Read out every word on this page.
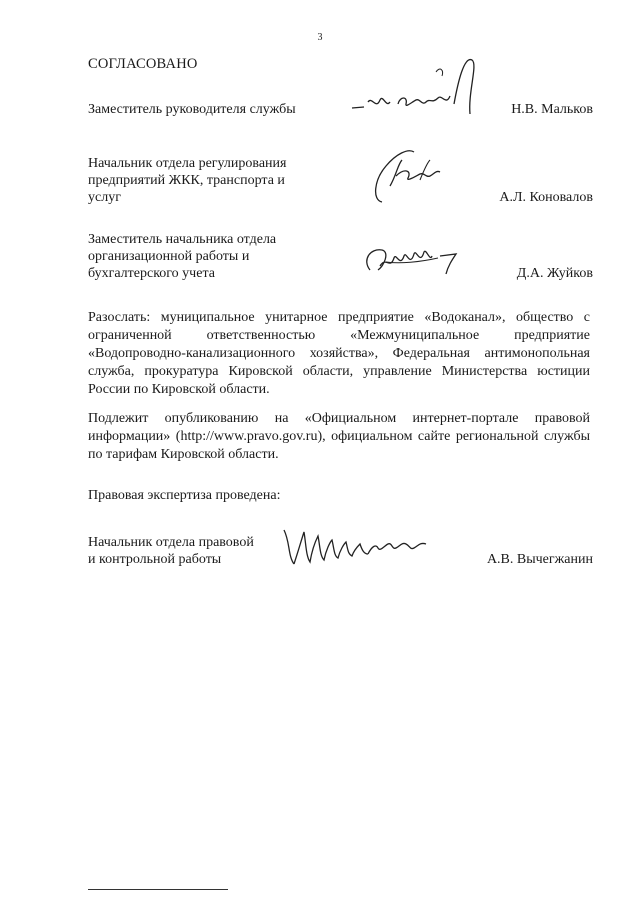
3
СОГЛАСОВАНО
Заместитель руководителя службы	Н.В. Мальков
Начальник отдела регулирования
предприятий ЖКК, транспорта и
услуг	А.Л. Коновалов
Заместитель начальника отдела
организационной работы и
бухгалтерского учета	Д.А. Жуйков
Разослать: муниципальное унитарное предприятие «Водоканал», общество с ограниченной ответственностью «Межмуниципальное предприятие «Водопроводно-канализационного хозяйства», Федеральная антимонопольная служба, прокуратура Кировской области, управление Министерства юстиции России по Кировской области.
Подлежит опубликованию на «Официальном интернет-портале правовой информации» (http://www.pravo.gov.ru), официальном сайте региональной службы по тарифам Кировской области.
Правовая экспертиза проведена:
Начальник отдела правовой
и контрольной работы	А.В. Вычегжанин
